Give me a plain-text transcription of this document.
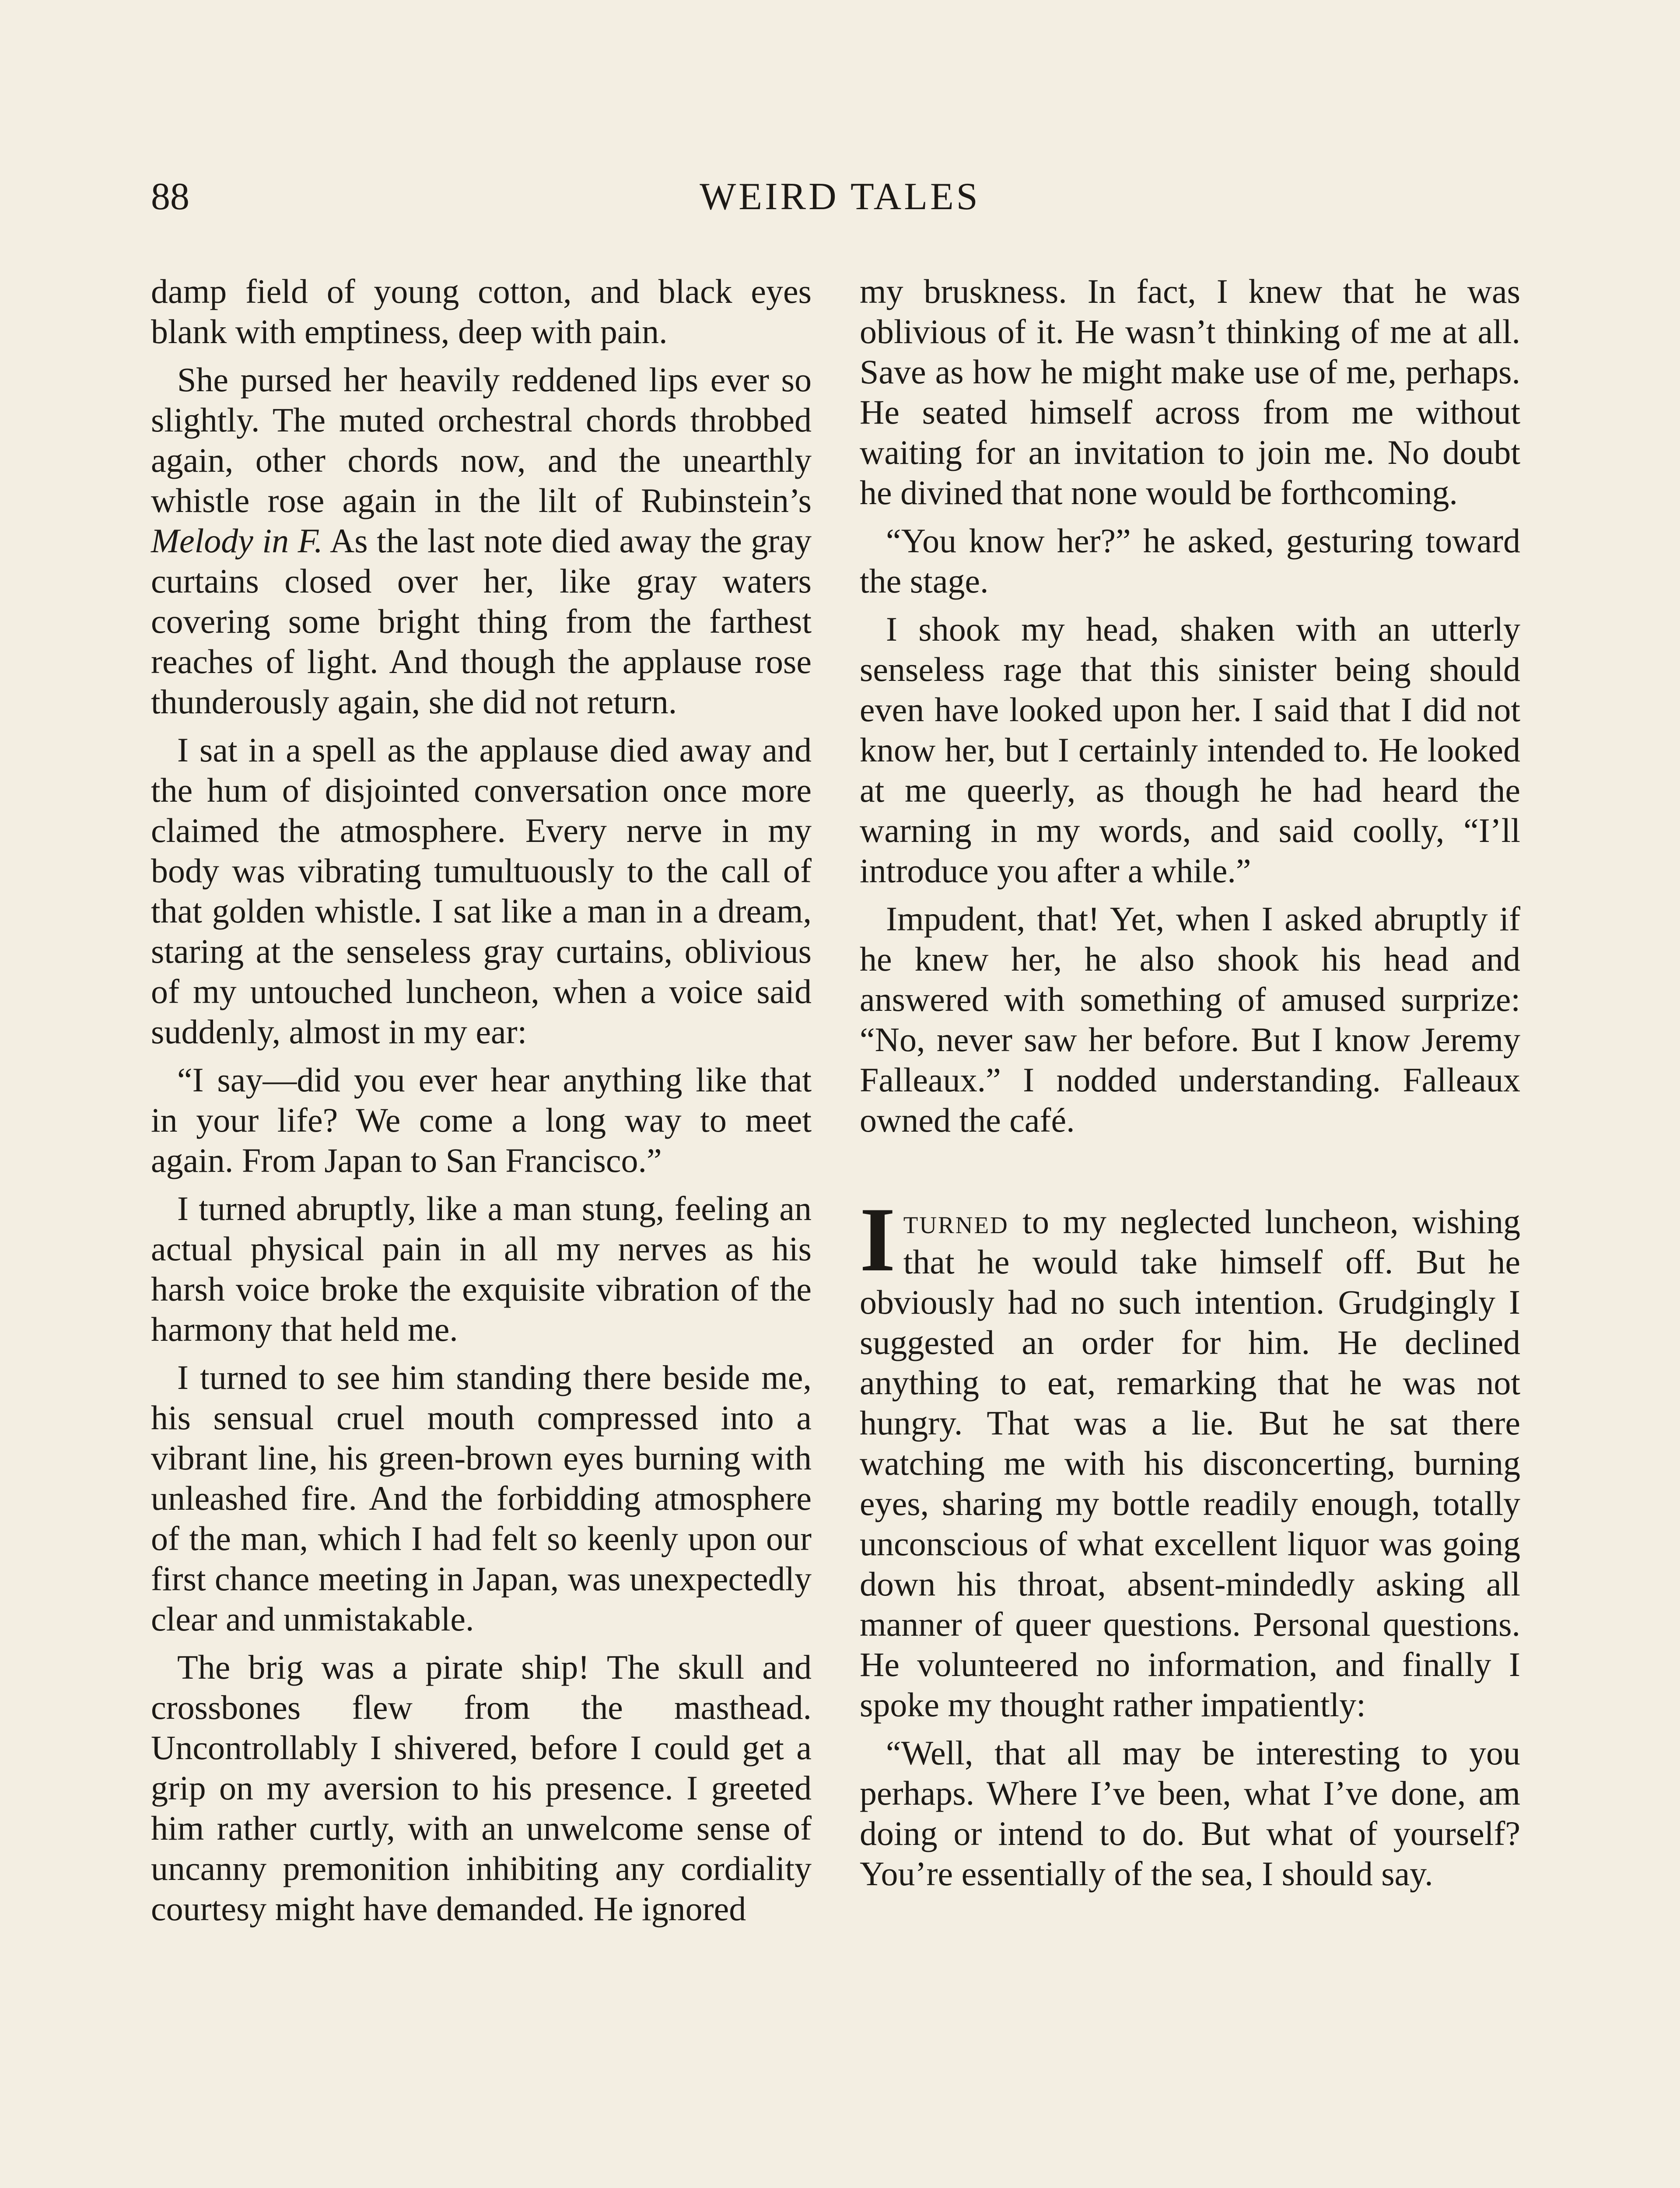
88	WEIRD TALES

damp field of young cotton, and black eyes blank with emptiness, deep with pain.

She pursed her heavily reddened lips ever so slightly. The muted orchestral chords throbbed again, other chords now, and the unearthly whistle rose again in the lilt of Rubinstein’s Melody in F. As the last note died away the gray curtains closed over her, like gray waters covering some bright thing from the farthest reaches of light. And though the applause rose thunderously again, she did not return.

I sat in a spell as the applause died away and the hum of disjointed conversation once more claimed the atmosphere. Every nerve in my body was vibrating tumultuously to the call of that golden whistle. I sat like a man in a dream, staring at the senseless gray curtains, oblivious of my untouched luncheon, when a voice said suddenly, almost in my ear:

“I say—did you ever hear anything like that in your life? We come a long way to meet again. From Japan to San Francisco.”

I turned abruptly, like a man stung, feeling an actual physical pain in all my nerves as his harsh voice broke the exquisite vibration of the harmony that held me.

I turned to see him standing there beside me, his sensual cruel mouth compressed into a vibrant line, his green-brown eyes burning with unleashed fire. And the forbidding atmosphere of the man, which I had felt so keenly upon our first chance meeting in Japan, was unexpectedly clear and unmistakable.

The brig was a pirate ship! The skull and crossbones flew from the masthead. Uncontrollably I shivered, before I could get a grip on my aversion to his presence. I greeted him rather curtly, with an unwelcome sense of uncanny premonition inhibiting any cordiality courtesy might have demanded. He ignored

my bruskness. In fact, I knew that he was oblivious of it. He wasn’t thinking of me at all. Save as how he might make use of me, perhaps. He seated himself across from me without waiting for an invitation to join me. No doubt he divined that none would be forthcoming.

“You know her?” he asked, gesturing toward the stage.

I shook my head, shaken with an utterly senseless rage that this sinister being should even have looked upon her. I said that I did not know her, but I certainly intended to. He looked at me queerly, as though he had heard the warning in my words, and said coolly, “I’ll introduce you after a while.”

Impudent, that! Yet, when I asked abruptly if he knew her, he also shook his head and answered with something of amused surprize: “No, never saw her before. But I know Jeremy Falleaux.” I nodded understanding. Falleaux owned the café.

Iturned to my neglected luncheon, wishing that he would take himself off. But he obviously had no such intention. Grudgingly I suggested an order for him. He declined anything to eat, remarking that he was not hungry. That was a lie. But he sat there watching me with his disconcerting, burning eyes, sharing my bottle readily enough, totally unconscious of what excellent liquor was going down his throat, absent-mindedly asking all manner of queer questions. Personal questions. He volunteered no information, and finally I spoke my thought rather impatiently:

“Well, that all may be interesting to you perhaps. Where I’ve been, what I’ve done, am doing or intend to do. But what of yourself? You’re essentially of the sea, I should say.
